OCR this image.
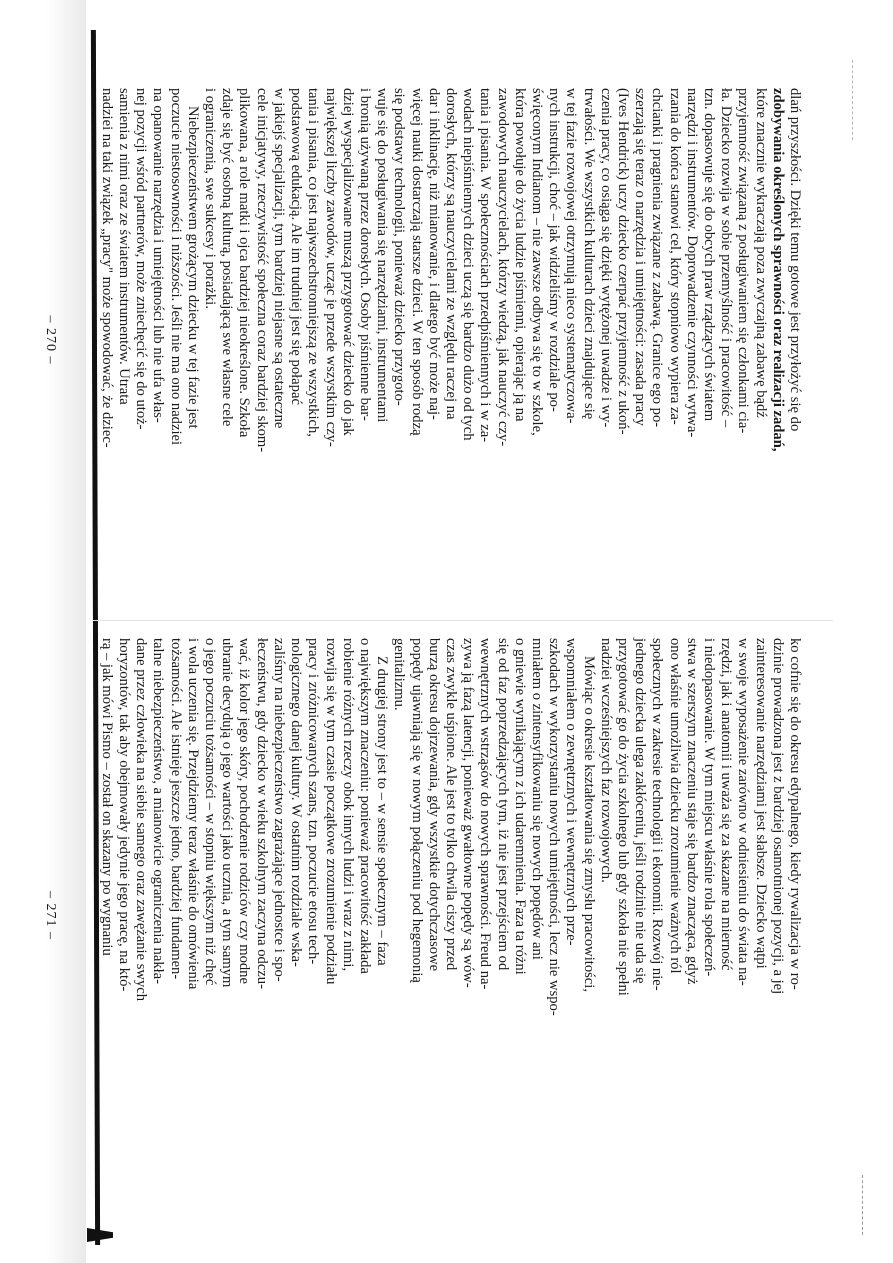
dlań przyszłości. Dzięki temu gotowe jest przyłożyć się do

zdobywania określonych sprawności oraz realizacji zadań,

które znacznie wykraczają poza zwyczajną zabawę bądź

przyjemność związaną z posługiwaniem się członkami cia-

ła. Dziecko rozwija w sobie przemyślność i pracowitość –

tzn. dopasowuje się do obcych praw rządzących światem

narzędzi i instrumentów. Doprowadzenie czynności wytwa-

rzania do końca stanowi cel, który stopniowo wypiera za-

chcianki i pragnienia związane z zabawą. Granice ego po-

szerzają się teraz o narzędzia i umiejętności: zasada pracy

(Ives Hendrick) uczy dziecko czerpać przyjemność z ukoń-

czenia pracy, co osiąga się dzięki wytężonej uwadze i wy-

trwałości. We wszystkich kulturach dzieci znajdujące się

w tej fazie rozwojowej otrzymują nieco systematyczowa-

nych instrukcji, choć – jak widzieliśmy w rozdziale po-

święconym Indianom – nie zawsze odbywa się to w szkole,

która powołuje do życia ludzie piśmienni, opierając ją na

zawodowych nauczycielach, którzy wiedzą, jak nauczyć czy-

tania i pisania. W społecznościach przedpiśmiennych i w za-

wodach niepiśmiennych dzieci uczą się bardzo dużo od tych

dorosłych, którzy są nauczycielami ze względu raczej na

dar i inklinację, niż mianowanie, i dlatego być może naj-

więcej nauki dostarczają starsze dzieci. W ten sposób rodzą

się podstawy technologii, ponieważ dziecko przygoto-

wuje się do posługiwania się narzędziami, instrumentami

i bronią używaną przez dorosłych. Osoby piśmienne bar-

dziej wyspecjalizowane muszą przygotować dziecko do jak

największej liczby zawodów, ucząc je przede wszystkim czy-

tania i pisania, co jest najwszechstronniejszą ze wszystkich,

podstawową edukacją. Ale im trudniej jest się połapać

w jakiejś specjalizacji, tym bardziej niejasne są ostateczne

cele inicjatywy, rzeczywistość społeczna coraz bardziej skom-

plikowana, a role matki i ojca bardziej nieokreślone. Szkoła

zdaje się być osobną kulturą, posiadającą swe własne cele

i ograniczenia, swe sukcesy i porażki.

Niebezpieczeństwem grożącym dziecku w tej fazie jest

poczucie niestosowności i niższości. Jeśli nie ma ono nadziei

na opanowanie narzędzia i umiejętności lub nie ufa włas-

nej pozycji wśród partnerów, może zniechęcić się do utoż-

samienia z nimi oraz ze światem instrumentów. Utrata

nadziei na taki związek „pracy" może spowodować, że dziec-

– 270 –

ko cofnie się do okresu edypalnego, kiedy rywalizacja w ro-

dzinie prowadzona jest z bardziej osamotnionej pozycji, a jej

zainteresowanie narzędziami jest słabsze. Dziecko wątpi

w swoje wyposażenie zarówno w odniesieniu do świata na-

rzędzi, jak i anatomii i uważa się za skazane na mierność

i niedopasowanie. W tym miejscu właśnie rola społeczeń-

stwa w szerszym znaczeniu staje się bardzo znacząca, gdyż

ono właśnie umożliwia dziecku zrozumienie ważnych ról

społecznych w zakresie technologii i ekonomii. Rozwój nie-

jednego dziecka ulega zakłóceniu, jeśli rodzinie nie uda się

przygotować go do życia szkolnego lub gdy szkoła nie spełni

nadziei wcześniejszych faz rozwojowych.

Mówiąc o okresie kształtowania się zmysłu pracowitości,

wspomniałem o zewnętrznych i wewnętrznych prze-

szkodach w wykorzystaniu nowych umiejętności, lecz nie wspo-

mniałem o zintensyfikowaniu się nowych popędów ani

o gniewie wynikającym z ich udaremnienia. Faza ta różni

się od faz poprzedzających tym, iż nie jest przejściem od

wewnętrznych wstrząsów do nowych sprawności. Freud na-

zywa ją fazą latencji, ponieważ gwałtowne popędy są wów-

czas zwykle uśpione. Ale jest to tylko chwila ciszy przed

burzą okresu dojrzewania, gdy wszystkie dotychczasowe

popędy ujawniają się w nowym połączeniu pod hegemonią

genitalizmu.

Z drugiej strony jest to – w sensie społecznym – faza

o największym znaczeniu: ponieważ pracowitość zakłada

robienie różnych rzeczy obok innych ludzi i wraz z nimi,

rozwija się w tym czasie początkowe zrozumienie podziału

pracy i zróżnicowanych szans, tzn. poczucie etosu tech-

nologicznego danej kultury. W ostatnim rozdziale wska-

zaliśmy na niebezpieczeństwo zagrażające jednostce i spo-

łeczeństwu, gdy dziecko w wieku szkolnym zaczyna odczu-

wać, iż kolor jego skóry, pochodzenie rodziców czy modne

ubranie decydują o jego wartości jako ucznia, a tym samym

o jego poczuciu tożsamości – w stopniu większym niż chęć

i wola uczenia się. Przejdziemy teraz właśnie do omówienia

tożsamości. Ale istnieje jeszcze jedno, bardziej fundamen-

talne niebezpieczeństwo, a mianowicie ograniczenia nakła-

dane przez człowieka na siebie samego oraz zawężanie swych

horyzontów, tak aby obejmowały jedynie jego pracę, na któ-

rą – jak mówi Pismo – został on skazany po wygnaniu

– 271 –
